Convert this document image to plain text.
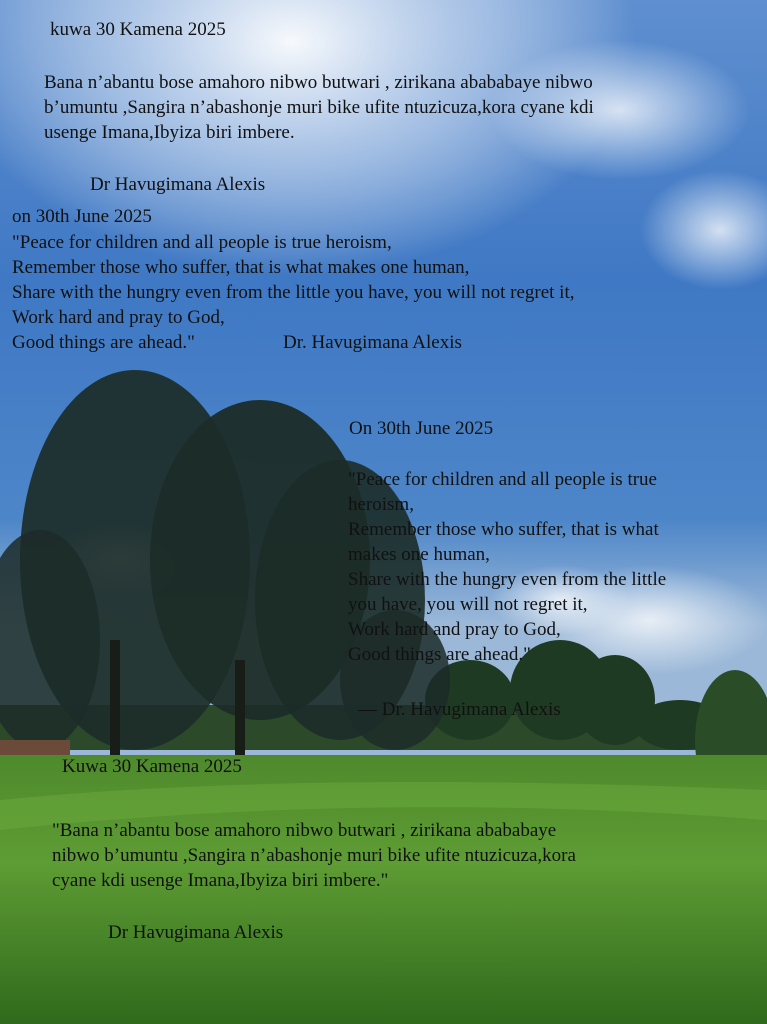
kuwa 30 Kamena 2025
Bana n’abantu bose amahoro nibwo butwari , zirikana abababaye nibwo
b’umuntu ,Sangira n’abashonje muri bike ufite ntuzicuza,kora cyane kdi
usenge Imana,Ibyiza biri imbere.
Dr Havugimana Alexis
on 30th June 2025
"Peace for children and all people is true heroism,
Remember those who suffer, that is what makes one human,
Share with the hungry even from the little you have, you will not regret it,
Work hard and pray to God,
Good things are ahead."	Dr. Havugimana Alexis
On 30th June 2025
"Peace for children and all people is true
heroism,
Remember those who suffer, that is what
makes one human,
Share with the hungry even from the little
you have, you will not regret it,
Work hard and pray to God,
Good things are ahead."
— Dr. Havugimana Alexis
Kuwa 30 Kamena 2025
"Bana n’abantu bose amahoro nibwo butwari , zirikana abababaye
nibwo b’umuntu ,Sangira n’abashonje muri bike ufite ntuzicuza,kora
cyane kdi usenge Imana,Ibyiza biri imbere."
Dr Havugimana Alexis
